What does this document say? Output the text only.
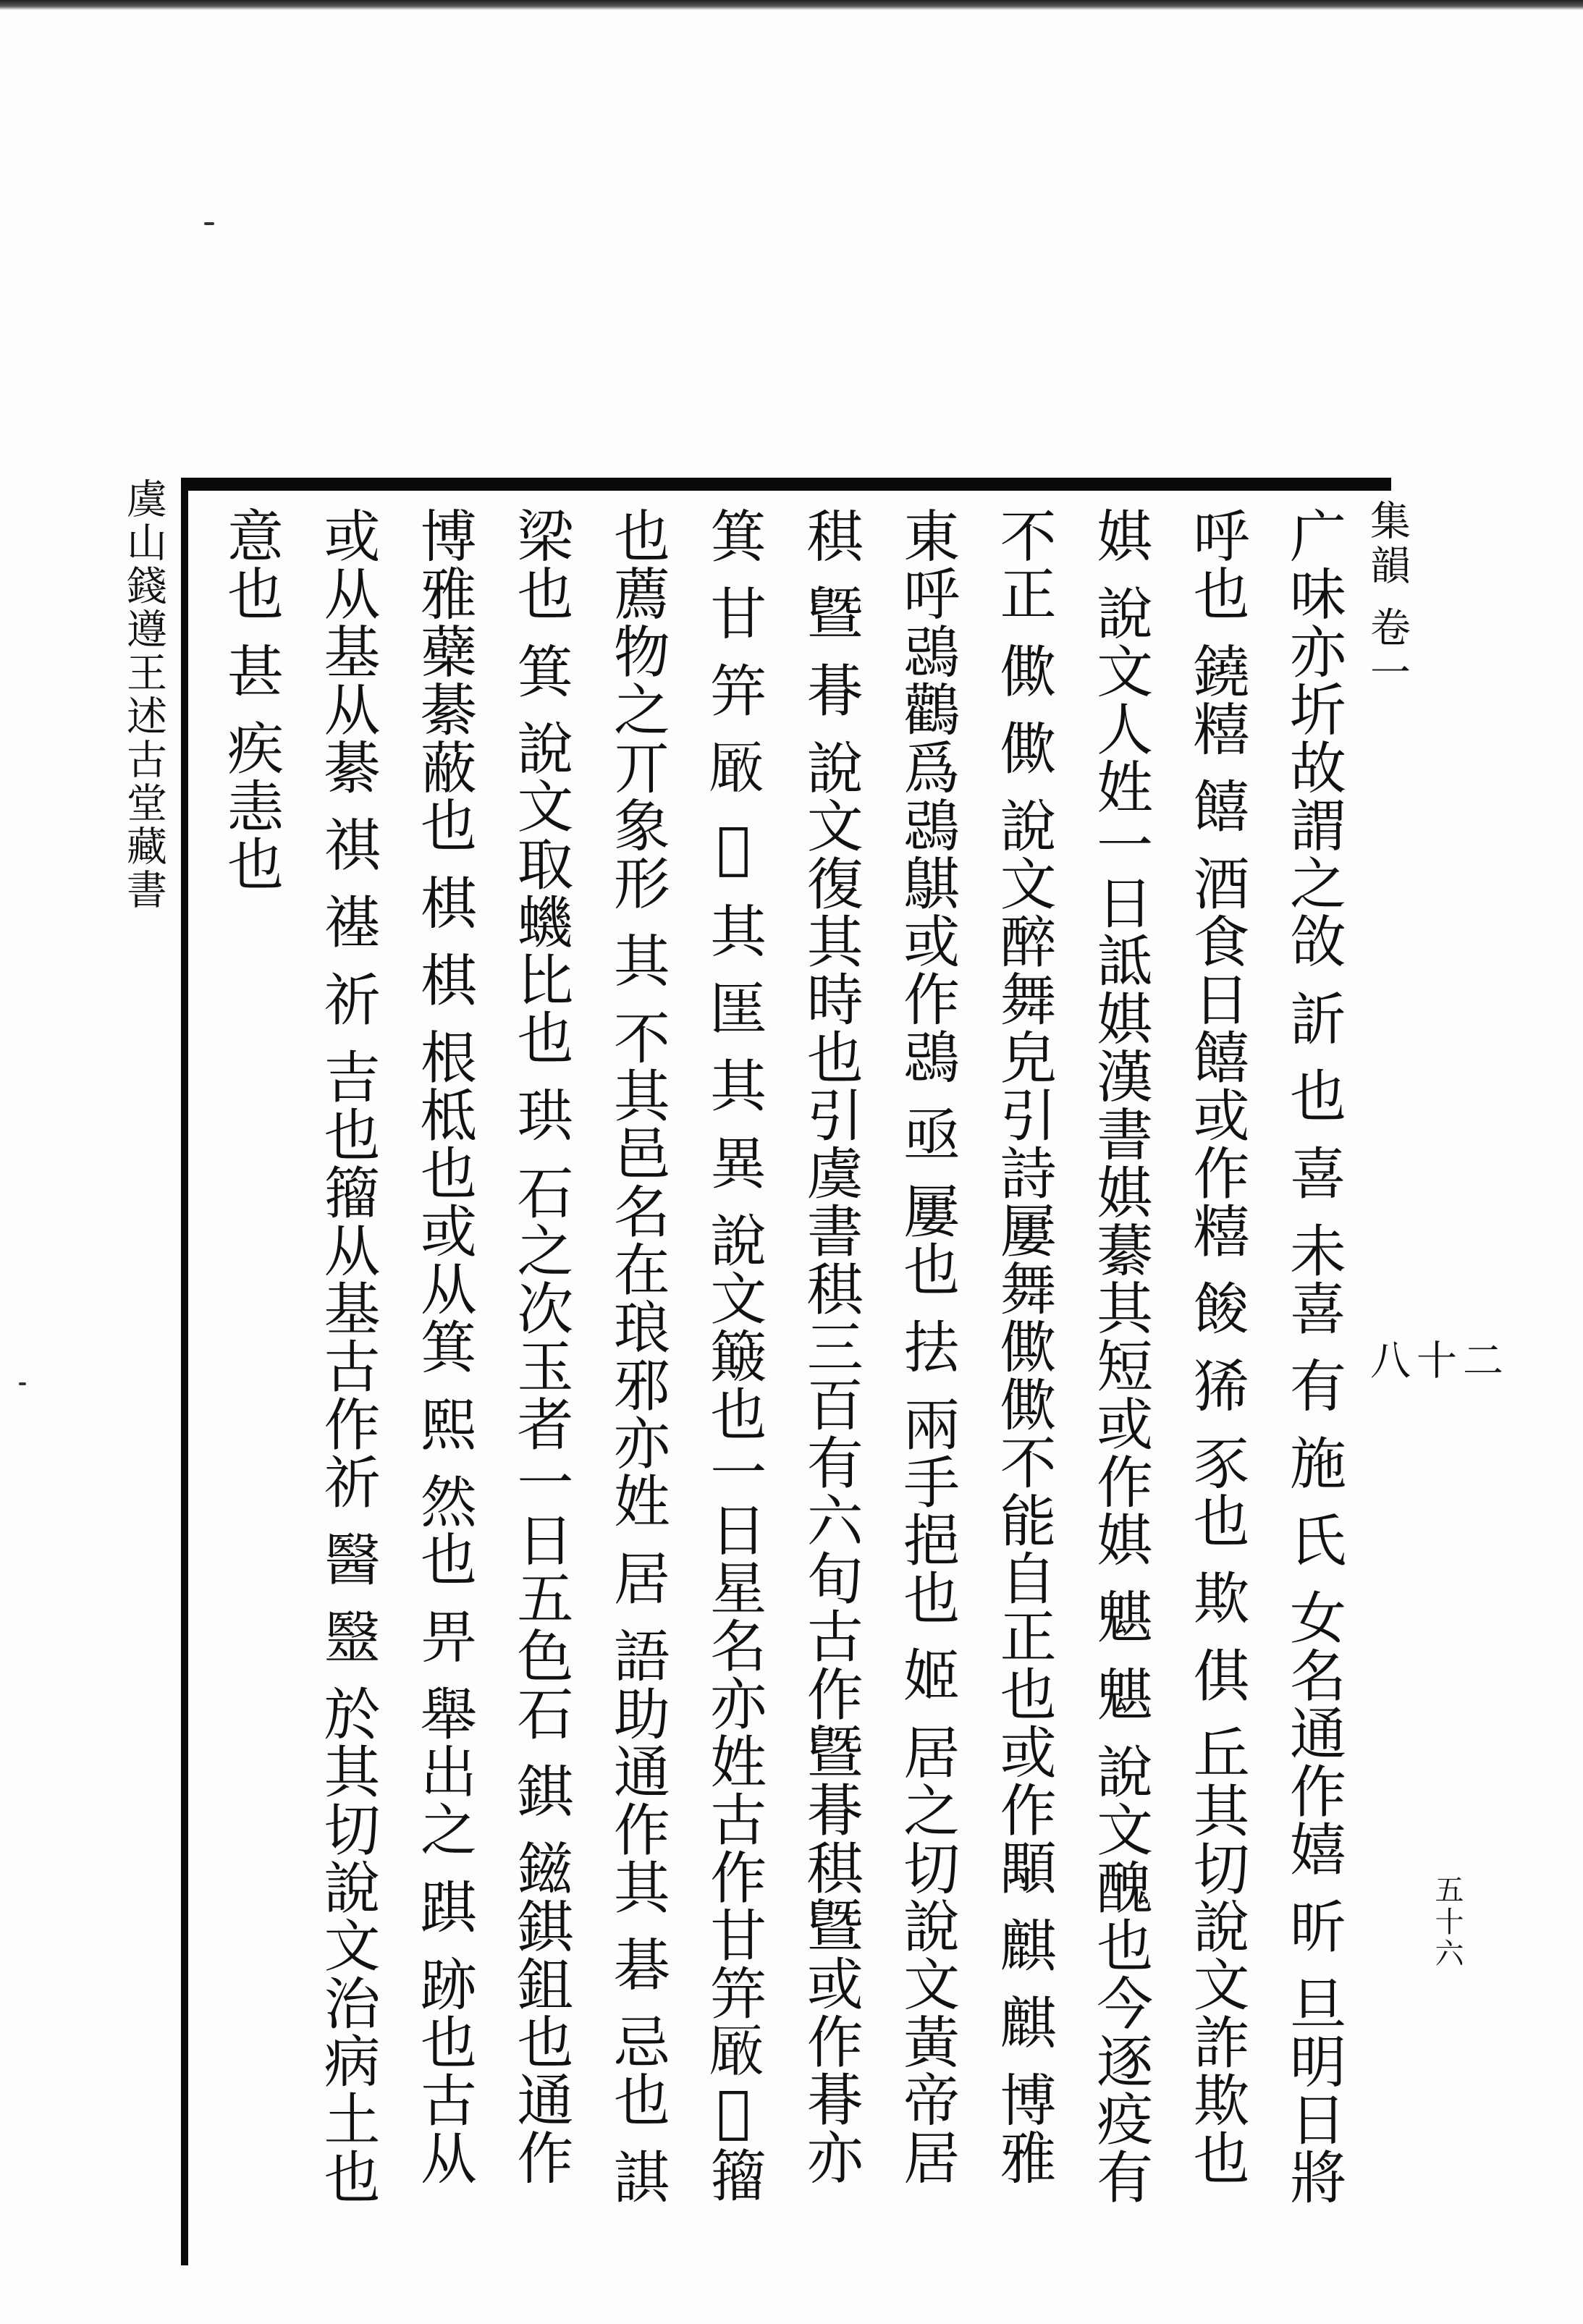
集韻 卷一
二十八
虞山錢遵王述古堂藏書
五十六
广味亦圻故謂之㪉 訢 也 喜 未喜 有 施 氏 女名通作嬉 昕 旦明日將
呼也 鐃糦 饎 酒食日饎或作糦 餕 狶 豕也 欺 倛 丘其切說文詐欺也
娸 說文人姓一日詆娸漢書娸藄其短或作娸 魌 魌 說文醜也今逐疫有
不正 僛 僛 說文醉舞皃引詩屢舞僛僛不能自正也或作顒 麒 麒 博雅
東呼鵋鸛爲鵋鶀或作鵋 亟 屢也 抾 兩手挹也 姬 居之切說文黃帝居
稘 曁 朞 說文復其時也引虞書稘三百有六旬古作曁朞稘曁或作朞亦
箕 甘 笄 𠪚 𠇠 其 匩 其 異 說文簸也一日星名亦姓古作甘笄𠪚𠇠籀
也薦物之丌象形 其 不其邑名在琅邪亦姓 居 語助通作其 碁 忌也 諆
梁也 箕 說文取蟣比也 珙 石之次玉者一日五色石 錤 鎡錤鉏也通作
博雅蘗綦蔽也 棋 棋 根柢也或从箕 熙 然也 畀 舉出之 踑 跡也古从
或从基从綦 祺 禥 祈 吉也籀从基古作祈 醫 毉 於其切說文治病土也
意也 甚 疾恚也
